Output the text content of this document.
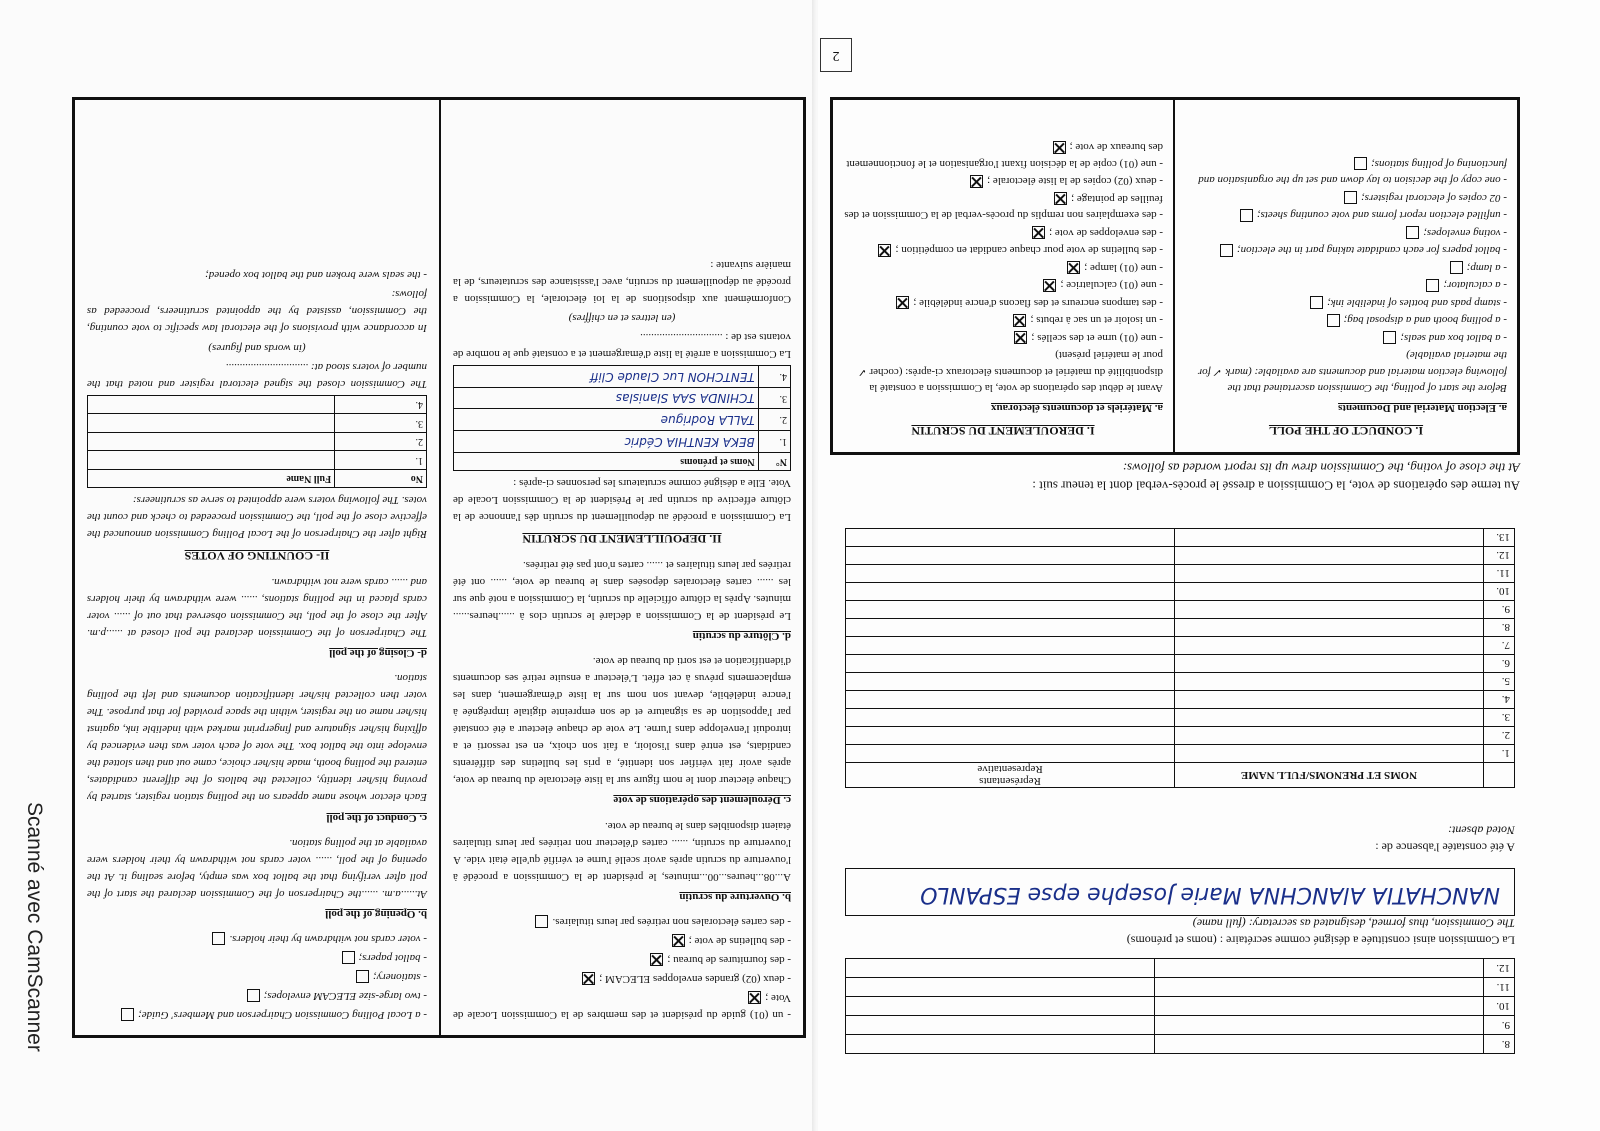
Scanné avec CamScanner
2

- un (01) guide du président et des membres de la Commission Locale de Vote ;

- deux (02) grandes enveloppes ELECAM ;

- des fournitures de bureau ;

- des bulletins de vote ;

- des cartes électorales non retirées par leurs titulaires.

b. Ouverture du scrutin

A...08...heures...00...minutes, le président de la Commission a procédé à l'ouverture du scrutin après avoir scellé l'urne et vérifié qu'elle était vide. A l'ouverture du scrutin, ...... cartes d'électeur non retirées par leurs titulaires étaient disponibles dans le bureau de vote.

c. Déroulement des opérations de vote

Chaque électeur dont le nom figure sur la liste électorale du bureau de vote, après avoir fait vérifier son identité, a pris les bulletins des différents candidats, est entré dans l'isoloir, a fait son choix, en est ressorti et a introduit l'enveloppe dans l'urne. Le vote de chaque électeur a été constaté par l'apposition de sa signature et de son empreinte digitale imprégnée à l'encre indélébile, devant son nom sur la liste d'émargement, dans les emplacements prévus à cet effet. L'électeur a ensuite retiré ses documents d'identification et est sorti du bureau de vote.

d. Clôture du scrutin

Le président de la Commission a déclaré le scrutin clos à ......heures...... minutes. Après la clôture officielle du scrutin, la Commission a noté que sur les ...... cartes électorales déposées dans le bureau de vote, ...... ont été retirées par leurs titulaires et ...... cartes n'ont pas été retirées.

II. DEPOUILLEMENT DU SCRUTIN

La Commission a procédé au dépouillement du scrutin dès l'annonce de la clôture effective du scrutin par le Président de la Commission Locale de Vote. Elle a désigné comme scrutateurs les personnes ci-après :

N°	Noms et prénoms
1.	BEKA KENTHIA Cédric
2.	TALLA Rodrigue
3.	TCHINDA SAA Slanislas
4.	TENTCHON Luc Claude Cliff

La Commission a arrêté la liste d'émargement et a constaté que le nombre de votants est de : ..............................

(en lettres et en chiffres)

Conformément aux dispositions de la loi électorale, la Commission a procédé au dépouillement du scrutin, avec l'assistance des scrutateurs, de la manière suivante :

- a Local Polling Commission Chairperson and Members' Guide;

- two large-size ELECAM envelopes;

- stationery;

- ballot papers;

- voter cards not withdrawn by their holders.

b. Opening of the poll

At......a.m. ......the Chairperson of the Commission declared the start of the poll after verifying that the ballot box was empty, before sealing it. At the opening of the poll, ...... voter cards not withdrawn by their holders were available at the polling station.

c. Conduct of the poll

Each elector whose name appears on the polling station register, started by proving his/her identity, collected the ballots of the different candidates, entered the polling booth, made his/her choice, came out and then slotted the envelope into the ballot box. The vote of each voter was then evidenced by affixing his/her signature and fingerprint marked with indelible ink, against his/her name on the register, within the space provided for that purpose. The voter then collected his/her identification documents and left the polling station.

d- Closing of the poll

The Chairperson of the Commission declared the poll closed at ......p.m. After the close of the poll, the Commission observed that out of ...... voter cards placed in the polling stations, ...... were withdrawn by their holders and ...... cards were not withdrawn.

II- COUNTING OF VOTES

Right after the Chairperson of the Local Polling Commission announced the effective close of the poll, the Commission proceeded to check and count the votes. The following voters were appointed to serve as scrutineers:

No	Full Name
1.	
2.	
3.	
4.	

The Commission closed the signed electoral register and noted that the number of voters stood at: ..............................

(in words and figures)

In accordance with provisions of the electoral law specific to vote counting, the Commission, assisted by the appointed scrutineers, proceeded as follows:

- the seals were broken and the ballot box opened;

8.		
9.		
10.		
11.		
12.		
La Commission ainsi constituée a désigné comme secrétaire : (noms et prénoms)
The Commission, thus formed, designated as secretary: (full name)
NANCHATIA AlANCHNA Marie Josephe epse ESPANLO
A été constatée l'absence de :
Noted absent:
	NOMS ET PRENOMS/FULL NAME	Représentants
Representative
1.		
2.		
3.		
4.		
5.		
6.		
7.		
8.		
9.		
10.		
11.		
12.		
13.		
Au terme des opérations de vote, la Commission a dressé le procès-verbal dont la teneur suit :
At the close of voting, the Commission drew up its report worded as follows:
I. DEROULEMENT DU SCRUTIN
a. Matériels et documents électoraux

Avant le début des opérations de vote, la Commission a constaté la disponibilité du matériel et documents électoraux ci-après: (cocher ✓ pour le matériel présent)

- une (01) urne et des scellés ;

- un isoloir et un sac à rebuts ;

- des tampons encreurs et des flacons d'encre indélébile ;

- une (01) calculatrice ;

- une (01) lampe ;

- des bulletins de vote pour chaque candidat en compétition ;

- des enveloppes de vote ;

- des exemplaires non remplis du procès-verbal de la Commission et des feuilles de pointage ;

- deux (02) copies de la liste électorale ;

- une (01) copie de la décision fixant l'organisation et le fonctionnement des bureaux de vote ;

I. CONDUCT OF THE POLL
a. Election Material and Documents

Before the start of polling, the Commission ascertained that the following election material and documents are available: (mark ✓ for the material available)

- a ballot box and seals;

- a polling booth and a disposal bag;

- stamp pads and bottles of indelible ink;

- a calculator;

- a lamp;

- ballot papers for each candidate taking part in the election;

- voting envelopes;

- unfilled election report forms and vote counting sheets;

- 02 copies of electoral registers;

- one copy of the decision to lay down and set up the organisation and functioning of polling stations;
